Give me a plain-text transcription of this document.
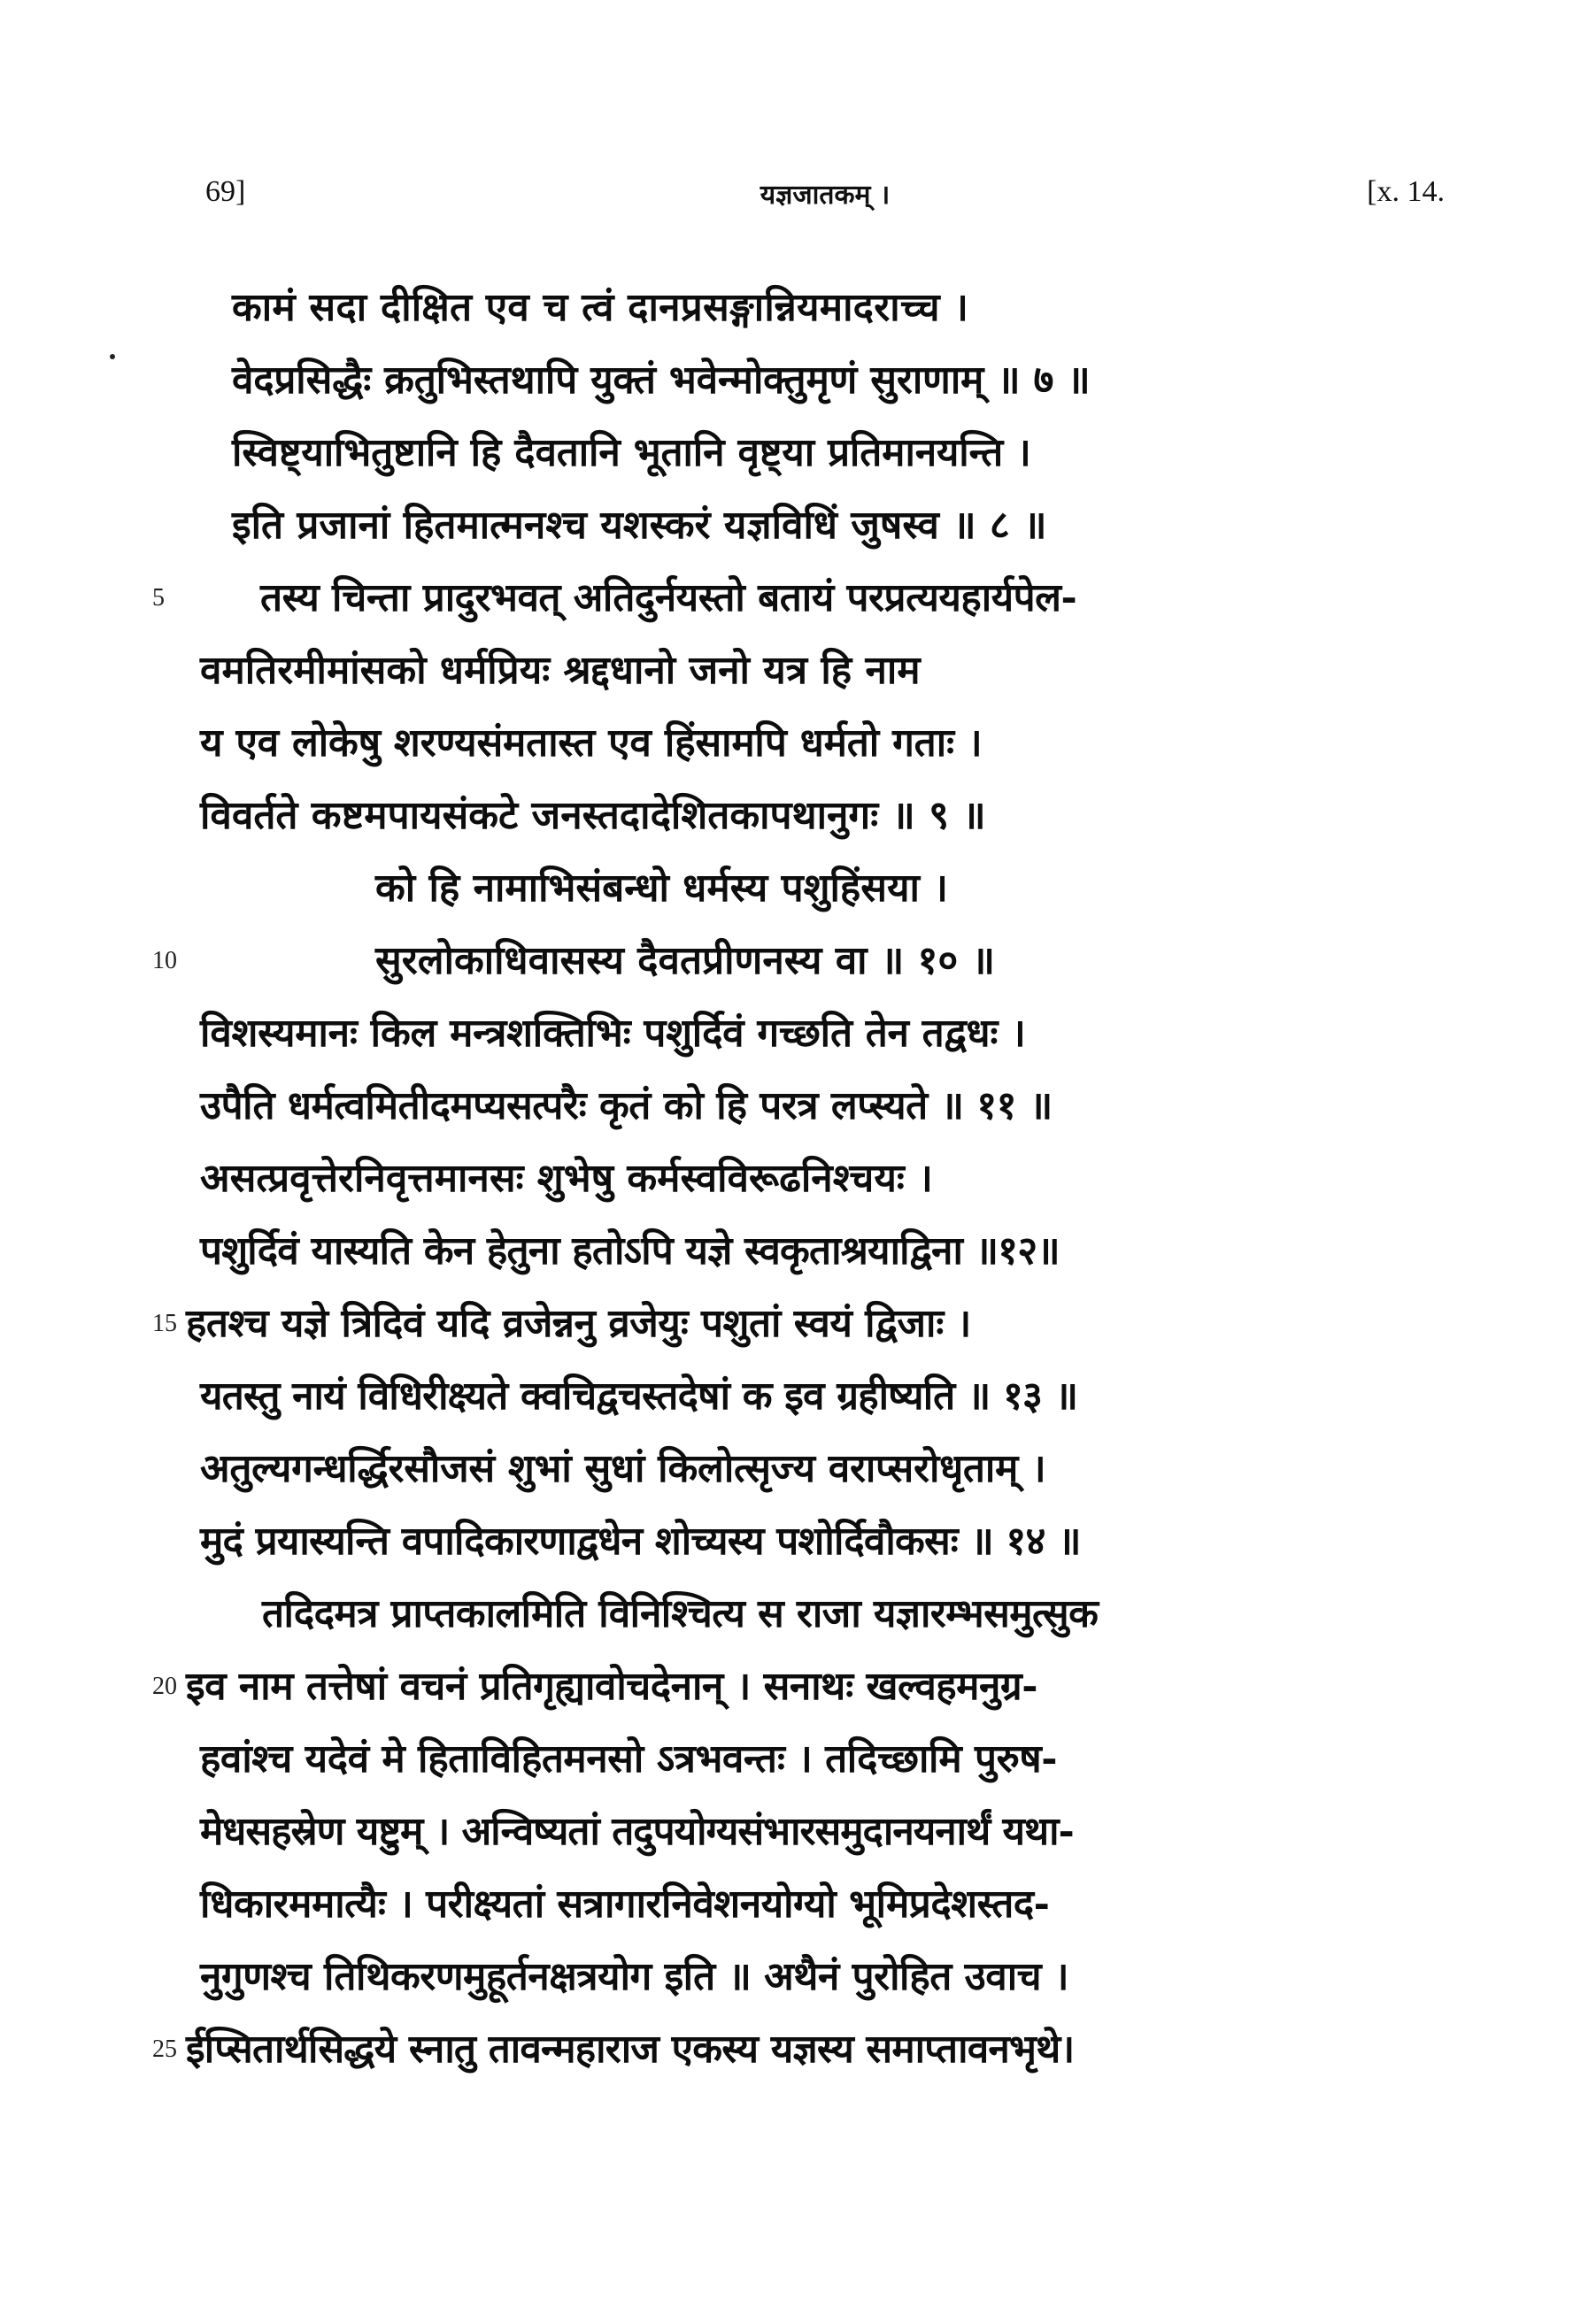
69]	यज्ञजातकम् ।	[x. 14.
कामं सदा दीक्षित एव च त्वं दानप्रसङ्गान्नियमादराच्च ।
वेदप्रसिद्धैः क्रतुभिस्तथापि युक्तं भवेन्मोक्तुमृणं सुराणाम् ॥ ७ ॥
स्विष्ट्याभितुष्टानि हि दैवतानि भूतानि वृष्ट्या प्रतिमानयन्ति ।
इति प्रजानां हितमात्मनश्च यशस्करं यज्ञविधिं जुषस्व ॥ ८ ॥
5 तस्य चिन्ता प्रादुरभवत् अतिदुर्नयस्तो बतायं परप्रत्ययहार्यपेल-
वमतिरमीमांसको धर्मप्रियः श्रद्दधानो जनो यत्र हि नाम
य एव लोकेषु शरण्यसंमतास्त एव हिंसामपि धर्मतो गताः ।
विवर्तते कष्टमपायसंकटे जनस्तदादेशितकापथानुगः ॥ ९ ॥
को हि नामाभिसंबन्धो धर्मस्य पशुहिंसया ।
10	सुरलोकाधिवासस्य दैवतप्रीणनस्य वा ॥ १० ॥
विशस्यमानः किल मन्त्रशक्तिभिः पशुर्दिवं गच्छति तेन तद्वधः ।
उपैति धर्मत्वमितीदमप्यसत्परैः कृतं को हि परत्र लप्स्यते ॥ ११ ॥
असत्प्रवृत्तेरनिवृत्तमानसः शुभेषु कर्मस्वविरूढनिश्चयः ।
पशुर्दिवं यास्यति केन हेतुना हतोऽपि यज्ञे स्वकृताश्रयाद्विना ॥१२॥
15 हतश्च यज्ञे त्रिदिवं यदि व्रजेन्ननु व्रजेयुः पशुतां स्वयं द्विजाः ।
यतस्तु नायं विधिरीक्ष्यते क्वचिद्वचस्तदेषां क इव ग्रहीष्यति ॥ १३ ॥
अतुल्यगन्धर्द्धिरसौजसं शुभां सुधां किलोत्सृज्य वराप्सरोधृताम् ।
मुदं प्रयास्यन्ति वपादिकारणाद्वधेन शोच्यस्य पशोर्दिवौकसः ॥ १४ ॥
तदिदमत्र प्राप्तकालमिति विनिश्चित्य स राजा यज्ञारम्भसमुत्सुक
20 इव नाम तत्तेषां वचनं प्रतिगृह्यावोचदेनान् । सनाथः खल्वहमनुग्र-
हवांश्च यदेवं मे हिताविहितमनसो ऽत्रभवन्तः । तदिच्छामि पुरुष-
मेधसहस्रेण यष्टुम् । अन्विष्यतां तदुपयोग्यसंभारसमुदानयनार्थं यथा-
धिकारममात्यैः । परीक्ष्यतां सत्रागारनिवेशनयोग्यो भूमिप्रदेशस्तद-
नुगुणश्च तिथिकरणमुहूर्तनक्षत्रयोग इति ॥ अथैनं पुरोहित उवाच ।
25 ईप्सितार्थसिद्धये स्नातु तावन्महाराज एकस्य यज्ञस्य समाप्तावनभृथे।
